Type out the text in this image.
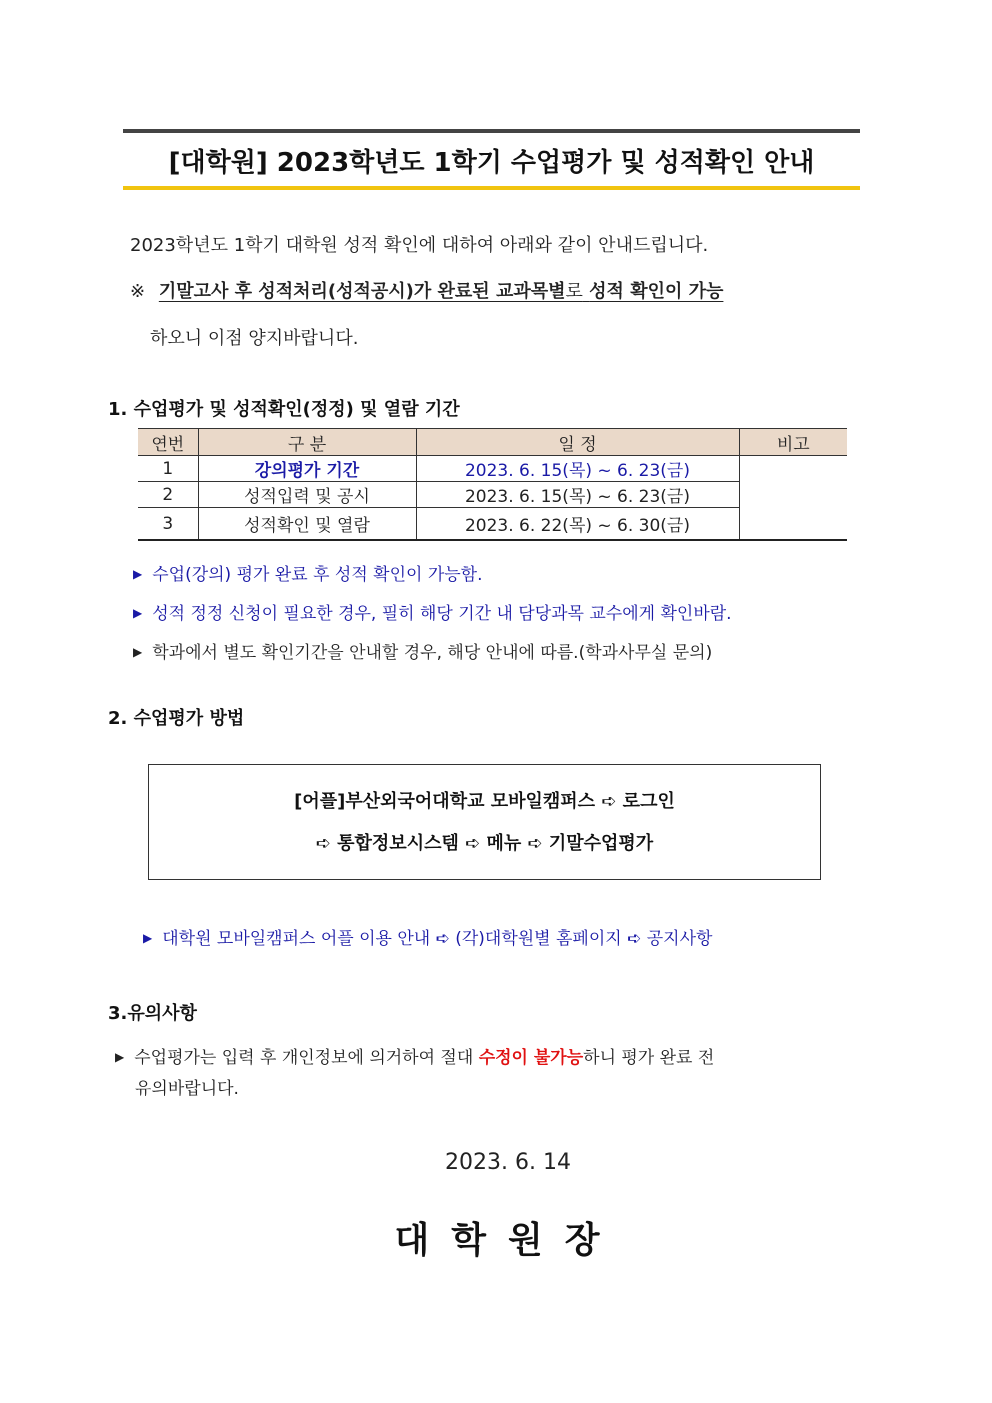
[대학원] 2023학년도 1학기 수업평가 및 성적확인 안내
2023학년도 1학기 대학원 성적 확인에 대하여 아래와 같이 안내드립니다.
※ 기말고사 후 성적처리(성적공시)가 완료된 교과목별로 성적 확인이 가능
하오니 이점 양지바랍니다.
1. 수업평가 및 성적확인(정정) 및 열람 기간
연번	구 분	일 정	비고
1	강의평가 기간	2023. 6. 15(목) ~ 6. 23(금)	
2	성적입력 및 공시	2023. 6. 15(목) ~ 6. 23(금)	
3	성적확인 및 열람	2023. 6. 22(목) ~ 6. 30(금)	
▶ 수업(강의) 평가 완료 후 성적 확인이 가능함.
▶ 성적 정정 신청이 필요한 경우, 필히 해당 기간 내 담당과목 교수에게 확인바람.
▶ 학과에서 별도 확인기간을 안내할 경우, 해당 안내에 따름.(학과사무실 문의)
2. 수업평가 방법
[어플]부산외국어대학교 모바일캠퍼스 ➪ 로그인
➪ 통합정보시스템 ➪ 메뉴 ➪ 기말수업평가
▶ 대학원 모바일캠퍼스 어플 이용 안내 ➪ (각)대학원별 홈페이지 ➪ 공지사항
3.유의사항
▶ 수업평가는 입력 후 개인정보에 의거하여 절대 수정이 불가능하니 평가 완료 전
유의바랍니다.
2023. 6. 14
대학원장
